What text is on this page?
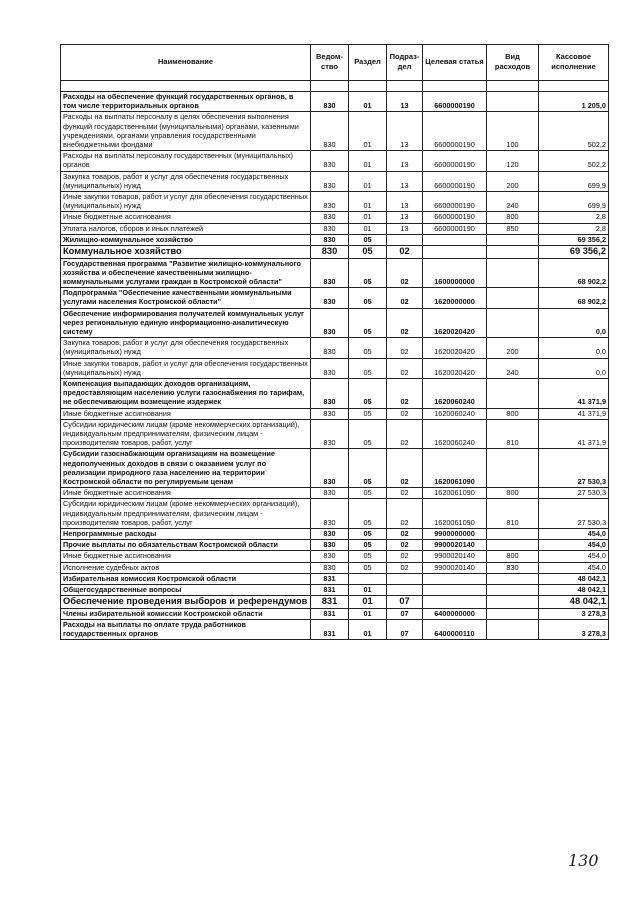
Наименование	Ведом-ство	Раздел	Подраз-дел	Целевая статья	Вид расходов	Кассовое исполнение

Расходы на обеспечение функций государственных органов, в том числе территориальных органов	830	01	13	6600000190		1 205,0
Расходы на выплаты персоналу в целях обеспечения выполнения функций государственными (муниципальными) органами, казенными учреждениями, органами управления государственными внебюджетными фондами	830	01	13	6600000190	100	502,2
Расходы на выплаты персоналу государственных (муниципальных) органов	830	01	13	6600000190	120	502,2
Закупка товаров, работ и услуг для обеспечения государственных (муниципальных) нужд	830	01	13	6600000190	200	699,9
Иные закупки товаров, работ и услуг для обеспечения государственных (муниципальных) нужд	830	01	13	6600000190	240	699,9
Иные бюджетные ассигнования	830	01	13	6600000190	800	2,8
Уплата налогов, сборов и иных платежей	830	01	13	6600000190	850	2,8
Жилищно-коммунальное хозяйство	830	05				69 356,2
Коммунальное хозяйство	830	05	02			69 356,2
Государственная программа "Развитие жилищно-коммунального хозяйства и обеспечение качественными жилищно-коммунальными услугами граждан в Костромской области"	830	05	02	1600000000		68 902,2
Подпрограмма "Обеспечение качественными коммунальными услугами населения Костромской области"	830	05	02	1620000000		68 902,2
Обеспечение информирования получателей коммунальных услуг через региональную единую информационно-аналитическую систему	830	05	02	1620020420		0,0
Закупка товаров, работ и услуг для обеспечения государственных (муниципальных) нужд	830	05	02	1620020420	200	0,0
Иные закупки товаров, работ и услуг для обеспечения государственных (муниципальных) нужд	830	05	02	1620020420	240	0,0
Компенсация выпадающих доходов организациям, предоставляющим населению услуги газоснабжения по тарифам, не обеспечивающим возмещение издержек	830	05	02	1620060240		41 371,9
Иные бюджетные ассигнования	830	05	02	1620060240	800	41 371,9
Субсидии юридическим лицам (кроме некоммерческих организаций), индивидуальным предпринимателям, физическим лицам - производителям товаров, работ, услуг	830	05	02	1620060240	810	41 371,9
Субсидии газоснабжающим организациям на возмещение недополученных доходов в связи с оказанием услуг по реализации природного газа населению на территории Костромской области по регулируемым ценам	830	05	02	1620061090		27 530,3
Иные бюджетные ассигнования	830	05	02	1620061090	800	27 530,3
Субсидии юридическим лицам (кроме некоммерческих организаций), индивидуальным предпринимателям, физическим лицам - производителям товаров, работ, услуг	830	05	02	1620061090	810	27 530,3
Непрограммные расходы	830	05	02	9900000000		454,0
Прочие выплаты по обязательствам Костромской области	830	05	02	9900020140		454,0
Иные бюджетные ассигнования	830	05	02	9900020140	800	454,0
Исполнение судебных актов	830	05	02	9900020140	830	454,0
Избирательная комиссия Костромской области	831					48 042,1
Общегосударственные вопросы	831	01				48 042,1
Обеспечение проведения выборов и референдумов	831	01	07			48 042,1
Члены избирательной комиссии Костромской области	831	01	07	6400000000		3 278,3
Расходы на выплаты по оплате труда работников государственных органов	831	01	07	6400000110		3 278,3
130
